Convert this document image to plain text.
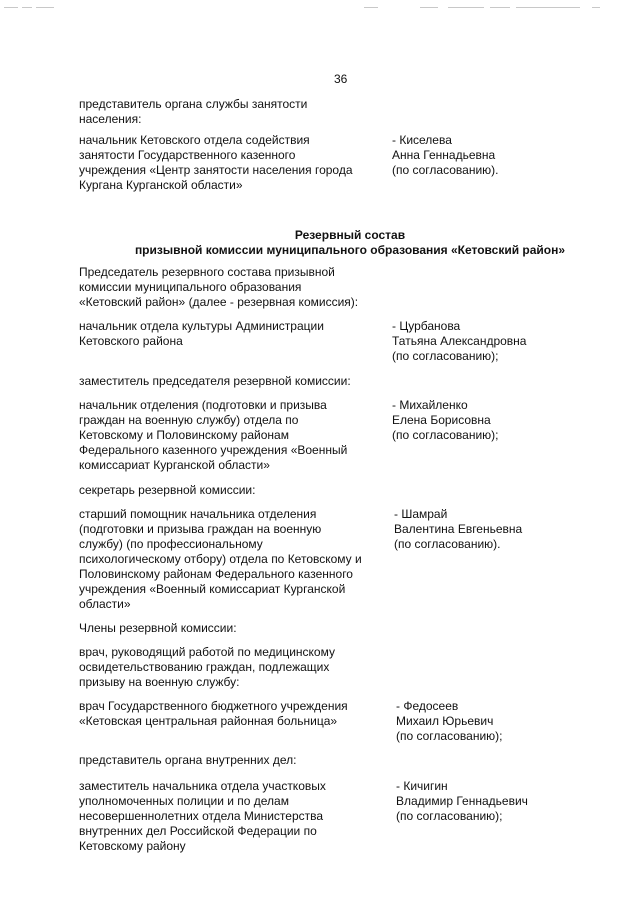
36
представитель органа службы занятости
населения:
начальник Кетовского отдела содействия
занятости Государственного казенного
учреждения «Центр занятости населения города
Кургана Курганской области»
- Киселева
Анна Геннадьевна
(по согласованию).
Резервный состав
призывной комиссии муниципального образования «Кетовский район»
Председатель резервного состава призывной
комиссии муниципального образования
«Кетовский район» (далее - резервная комиссия):
начальник отдела культуры Администрации
Кетовского района
- Цурбанова
Татьяна Александровна
(по согласованию);
заместитель председателя резервной комиссии:
начальник отделения (подготовки и призыва
граждан на военную службу) отдела по
Кетовскому и Половинскому районам
Федерального казенного учреждения «Военный
комиссариат Курганской области»
- Михайленко
Елена Борисовна
(по согласованию);
секретарь резервной комиссии:
старший помощник начальника отделения
(подготовки и призыва граждан на военную
службу) (по профессиональному
психологическому отбору) отдела по Кетовскому и
Половинскому районам Федерального казенного
учреждения «Военный комиссариат Курганской
области»
- Шамрай
Валентина Евгеньевна
(по согласованию).
Члены резервной комиссии:
врач, руководящий работой по медицинскому
освидетельствованию граждан, подлежащих
призыву на военную службу:
врач Государственного бюджетного учреждения
«Кетовская центральная районная больница»
- Федосеев
Михаил Юрьевич
(по согласованию);
представитель органа внутренних дел:
заместитель начальника отдела участковых
уполномоченных полиции и по делам
несовершеннолетних отдела Министерства
внутренних дел Российской Федерации по
Кетовскому району
- Кичигин
Владимир Геннадьевич
(по согласованию);
